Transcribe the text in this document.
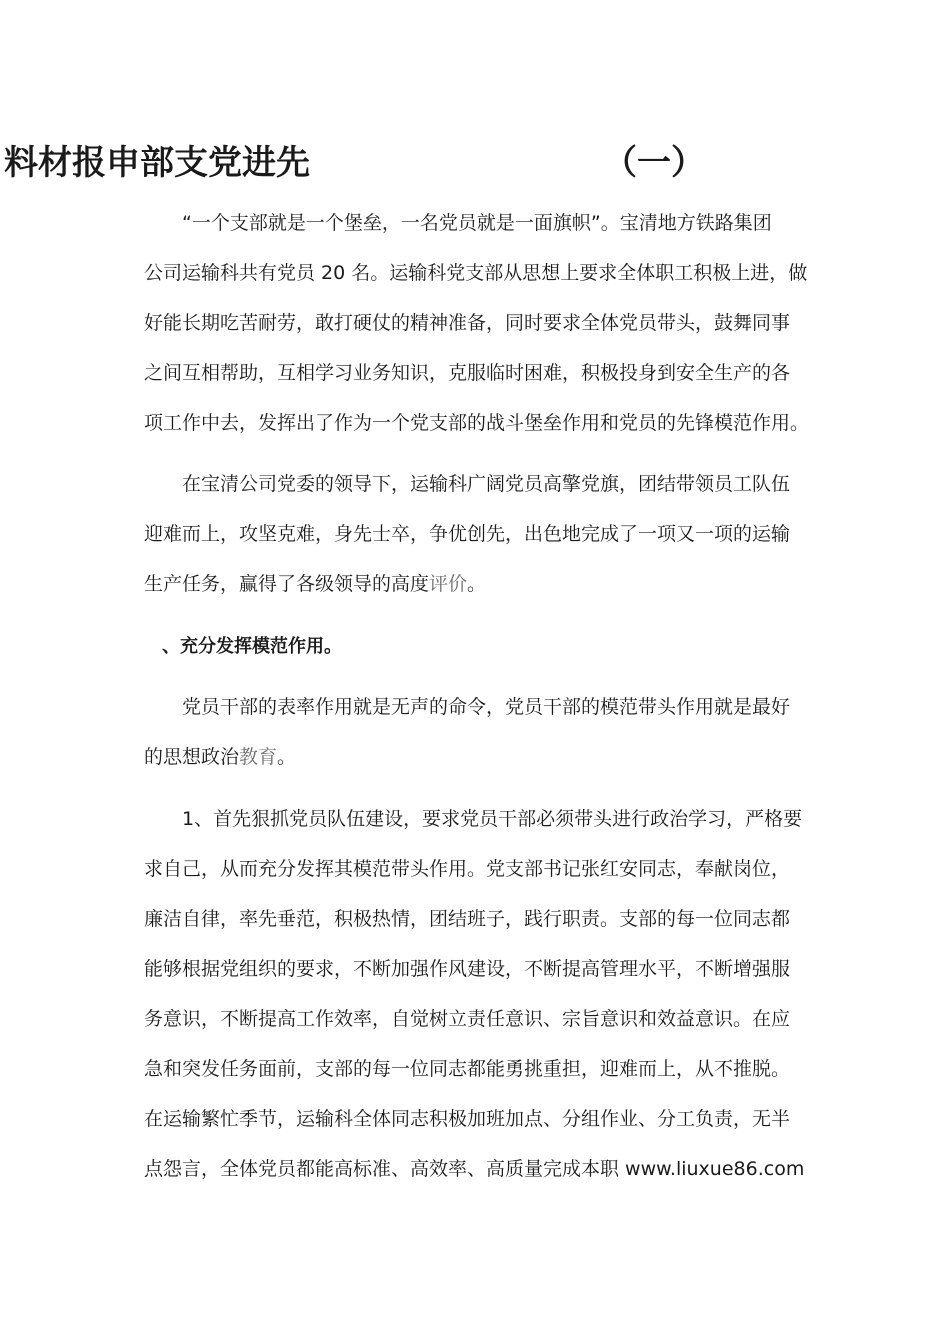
料材报申部支党进先	（一）
“一个支部就是一个堡垒，一名党员就是一面旗帜”。宝清地方铁路集团
公司运输科共有党员 20 名。运输科党支部从思想上要求全体职工积极上进，做
好能长期吃苦耐劳，敢打硬仗的精神准备，同时要求全体党员带头，鼓舞同事
之间互相帮助，互相学习业务知识，克服临时困难，积极投身到安全生产的各
项工作中去，发挥出了作为一个党支部的战斗堡垒作用和党员的先锋模范作用。
在宝清公司党委的领导下，运输科广阔党员高擎党旗，团结带领员工队伍
迎难而上，攻坚克难，身先士卒，争优创先，出色地完成了一项又一项的运输
生产任务，赢得了各级领导的高度评价。
、充分发挥模范作用。
党员干部的表率作用就是无声的命令，党员干部的模范带头作用就是最好
的思想政治教育。
1、首先狠抓党员队伍建设，要求党员干部必须带头进行政治学习，严格要
求自己，从而充分发挥其模范带头作用。党支部书记张红安同志，奉献岗位，
廉洁自律，率先垂范，积极热情，团结班子，践行职责。支部的每一位同志都
能够根据党组织的要求，不断加强作风建设，不断提高管理水平，不断增强服
务意识，不断提高工作效率，自觉树立责任意识、宗旨意识和效益意识。在应
急和突发任务面前，支部的每一位同志都能勇挑重担，迎难而上，从不推脱。
在运输繁忙季节，运输科全体同志积极加班加点、分组作业、分工负责，无半
点怨言，全体党员都能高标准、高效率、高质量完成本职 www.liuxue86.com
